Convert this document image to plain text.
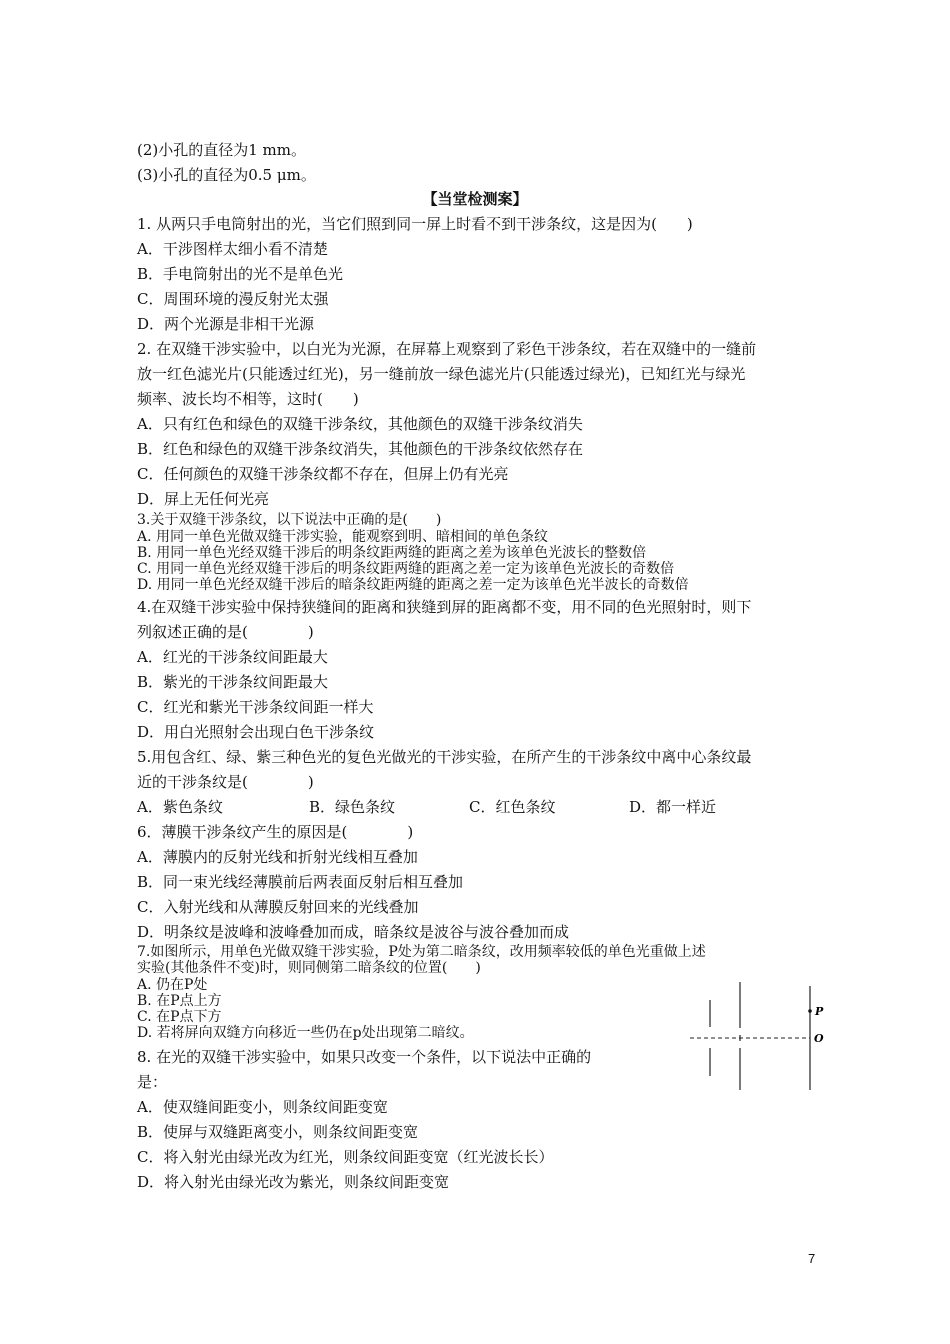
(2)小孔的直径为1 mm。
(3)小孔的直径为0.5 μm。
【当堂检测案】
1. 从两只手电筒射出的光，当它们照到同一屏上时看不到干涉条纹，这是因为(　　)
A．干涉图样太细小看不清楚
B．手电筒射出的光不是单色光
C．周围环境的漫反射光太强
D．两个光源是非相干光源
2. 在双缝干涉实验中，以白光为光源，在屏幕上观察到了彩色干涉条纹，若在双缝中的一缝前
放一红色滤光片(只能透过红光)，另一缝前放一绿色滤光片(只能透过绿光)，已知红光与绿光
频率、波长均不相等，这时(　　)
A．只有红色和绿色的双缝干涉条纹，其他颜色的双缝干涉条纹消失
B．红色和绿色的双缝干涉条纹消失，其他颜色的干涉条纹依然存在
C．任何颜色的双缝干涉条纹都不存在，但屏上仍有光亮
D．屏上无任何光亮
3.关于双缝干涉条纹，以下说法中正确的是(　　)
A. 用同一单色光做双缝干涉实验，能观察到明、暗相间的单色条纹
B. 用同一单色光经双缝干涉后的明条纹距两缝的距离之差为该单色光波长的整数倍
C. 用同一单色光经双缝干涉后的明条纹距两缝的距离之差一定为该单色光波长的奇数倍
D. 用同一单色光经双缝干涉后的暗条纹距两缝的距离之差一定为该单色光半波长的奇数倍
4.在双缝干涉实验中保持狭缝间的距离和狭缝到屏的距离都不变，用不同的色光照射时，则下
列叙述正确的是(　　　　)
A．红光的干涉条纹间距最大
B．紫光的干涉条纹间距最大
C．红光和紫光干涉条纹间距一样大
D．用白光照射会出现白色干涉条纹
5.用包含红、绿、紫三种色光的复色光做光的干涉实验，在所产生的干涉条纹中离中心条纹最
近的干涉条纹是(　　　　)
A．紫色条纹	B．绿色条纹	C．红色条纹	D．都一样近
6．薄膜干涉条纹产生的原因是(　　　　)
A．薄膜内的反射光线和折射光线相互叠加
B．同一束光线经薄膜前后两表面反射后相互叠加
C．入射光线和从薄膜反射回来的光线叠加
D．明条纹是波峰和波峰叠加而成，暗条纹是波谷与波谷叠加而成
7.如图所示，用单色光做双缝干涉实验，P处为第二暗条纹，改用频率较低的单色光重做上述
实验(其他条件不变)时，则同侧第二暗条纹的位置(　　)
A. 仍在P处
B. 在P点上方
C. 在P点下方
D. 若将屏向双缝方向移近一些仍在p处出现第二暗纹。
P
O
8. 在光的双缝干涉实验中，如果只改变一个条件，以下说法中正确的
是：
A．使双缝间距变小，则条纹间距变宽
B．使屏与双缝距离变小，则条纹间距变宽
C．将入射光由绿光改为红光，则条纹间距变宽（红光波长长）
D．将入射光由绿光改为紫光，则条纹间距变宽
7
